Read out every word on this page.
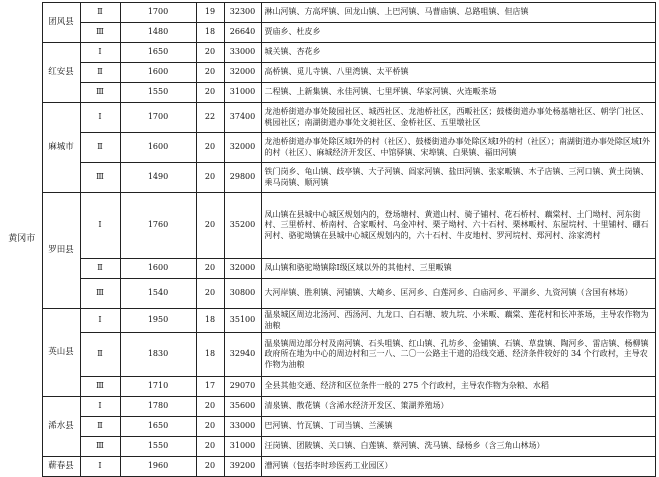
黄冈市	团风县	Ⅱ	1700	19	32300	淋山河镇、方高坪镇、回龙山镇、上巴河镇、马曹庙镇、总路咀镇、但店镇
		Ⅲ	1480	18	26640	贾庙乡、杜皮乡
	红安县	Ⅰ	1650	20	33000	城关镇、杏花乡
		Ⅱ	1600	20	32000	高桥镇、觅儿寺镇、八里湾镇、太平桥镇
		Ⅲ	1550	20	31000	二程镇、上新集镇、永佳河镇、七里坪镇、华家河镇、火连畈茶场
	麻城市	Ⅰ	1700	22	37400	龙池桥街道办事处陵园社区、城西社区、龙池桥社区，西畈社区；鼓楼街道办事处杨基塘社区、朝学门社区、桃园社区；南湖街道办事处文昶社区、金桥社区、五里墩社区
		Ⅱ	1600	20	32000	龙池桥街道办事处除区域Ⅰ外的村（社区）、鼓楼街道办事处除区域Ⅰ外的村（社区）；南湖街道办事处除区域Ⅰ外的村（社区）、麻城经济开发区、中馆驿镇、宋埠镇、白果镇、福田河镇
		Ⅲ	1490	20	29800	铁门岗乡、龟山镇、歧亭镇、大子河镇、阎家河镇、盐田河镇、张家畈镇、木子店镇、三河口镇、黄土岗镇、乘马岗镇、顺河镇
	罗田县	Ⅰ	1760	20	35200	凤山镇在县城中心城区规划内的，登场塘村、黄道山村、骑子铺村、花石桥村、藕棠村、土门坳村、河东街村、三里桥村、桥南村、合家畈村、乌金冲村、栗子坳村、六十石村、栗林畈村、东屋垸村、十里铺村、硼石河村、骆驼坳镇在县城中心城区规划内的，六十石村、牛皮地村、罗河垸村、郑河村、涂家湾村
		Ⅱ	1600	20	32000	凤山镇和骆驼坳镇除Ⅰ级区域以外的其他村、三里畈镇
		Ⅲ	1540	20	30800	大河岸镇、胜利镇、河铺镇、大崎乡、匡河乡、白莲河乡、白庙河乡、平湖乡、九资河镇（含国有林场）
	英山县	Ⅰ	1950	18	35100	温泉城区周边北汤河、西汤河、九龙口、白石塘、坡九垸、小米畈、藕棠、莲花村和长冲茶场，主导农作物为油粮
		Ⅱ	1830	18	32940	温泉镇周边部分村及南河镇、石头咀镇、红山镇、孔坊乡、金铺镇、石镇、草盘镇、陶河乡、雷店镇、杨柳镇政府所在地为中心的周边村和三一八、二〇一公路主干道的沿线交通、经济条件较好的 34 个行政村，主导农作物为油粮
		Ⅲ	1710	17	29070	全县其他交通、经济和区位条件一般的 275 个行政村，主导农作物为杂粮、水稻
	浠水县	Ⅰ	1780	20	35600	清泉镇、散花镇（含浠水经济开发区、策湖养殖场）
		Ⅱ	1650	20	33000	巴河镇、竹瓦镇、丁司当镇、兰溪镇
		Ⅲ	1550	20	31000	汪岗镇、团陂镇、关口镇、白莲镇、蔡河镇、洗马镇、绿杨乡（含三角山林场）
	蕲春县	Ⅰ	1960	20	39200	漕河镇（包括李时珍医药工业园区）
